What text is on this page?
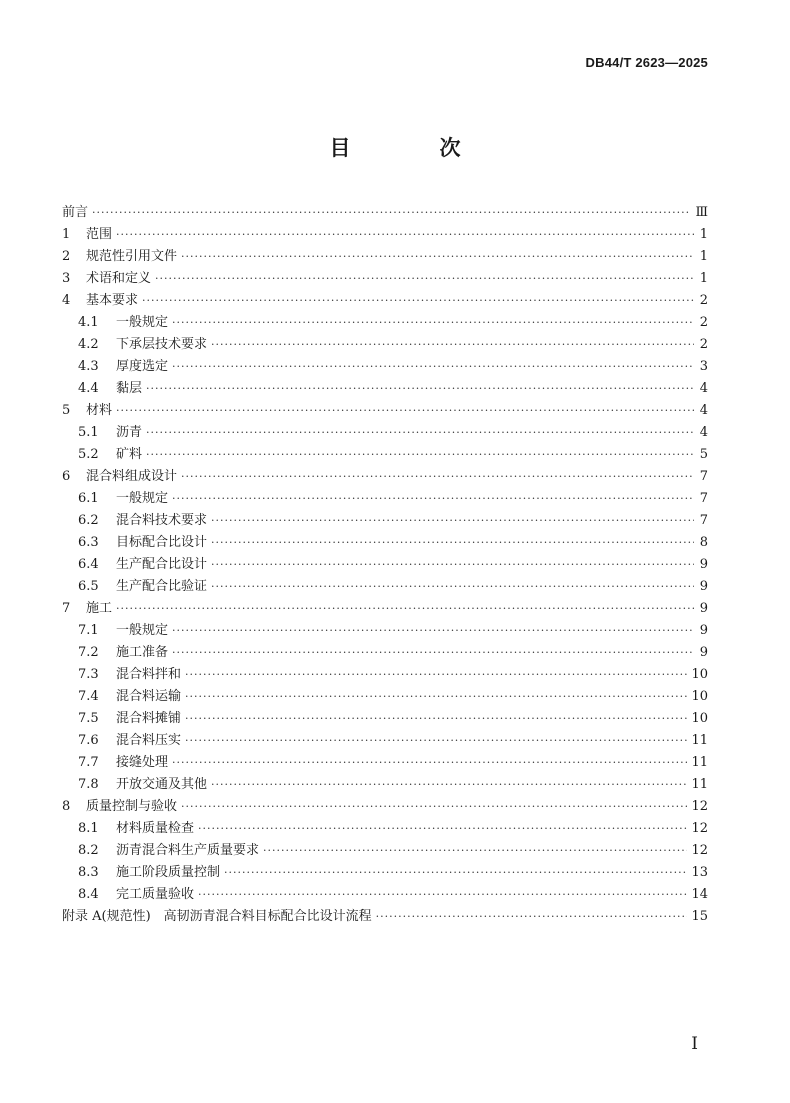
DB44/T 2623—2025
目　次
前言 ·····	Ⅲ
1	范围 ·····	1
2	规范性引用文件 ·····	1
3	术语和定义 ·····	1
4	基本要求 ·····	2
4.1	一般规定 ·····	2
4.2	下承层技术要求 ·····	2
4.3	厚度选定 ·····	3
4.4	黏层 ·····	4
5	材料 ·····	4
5.1	沥青 ·····	4
5.2	矿料 ·····	5
6	混合料组成设计 ·····	7
6.1	一般规定 ·····	7
6.2	混合料技术要求 ·····	7
6.3	目标配合比设计 ·····	8
6.4	生产配合比设计 ·····	9
6.5	生产配合比验证 ·····	9
7	施工 ·····	9
7.1	一般规定 ·····	9
7.2	施工准备 ·····	9
7.3	混合料拌和 ·····	10
7.4	混合料运输 ·····	10
7.5	混合料摊铺 ·····	10
7.6	混合料压实 ·····	11
7.7	接缝处理 ·····	11
7.8	开放交通及其他 ·····	11
8	质量控制与验收 ·····	12
8.1	材料质量检查 ·····	12
8.2	沥青混合料生产质量要求 ·····	12
8.3	施工阶段质量控制 ·····	13
8.4	完工质量验收 ·····	14
附录 A(规范性)　高韧沥青混合料目标配合比设计流程 ·····	15
I
